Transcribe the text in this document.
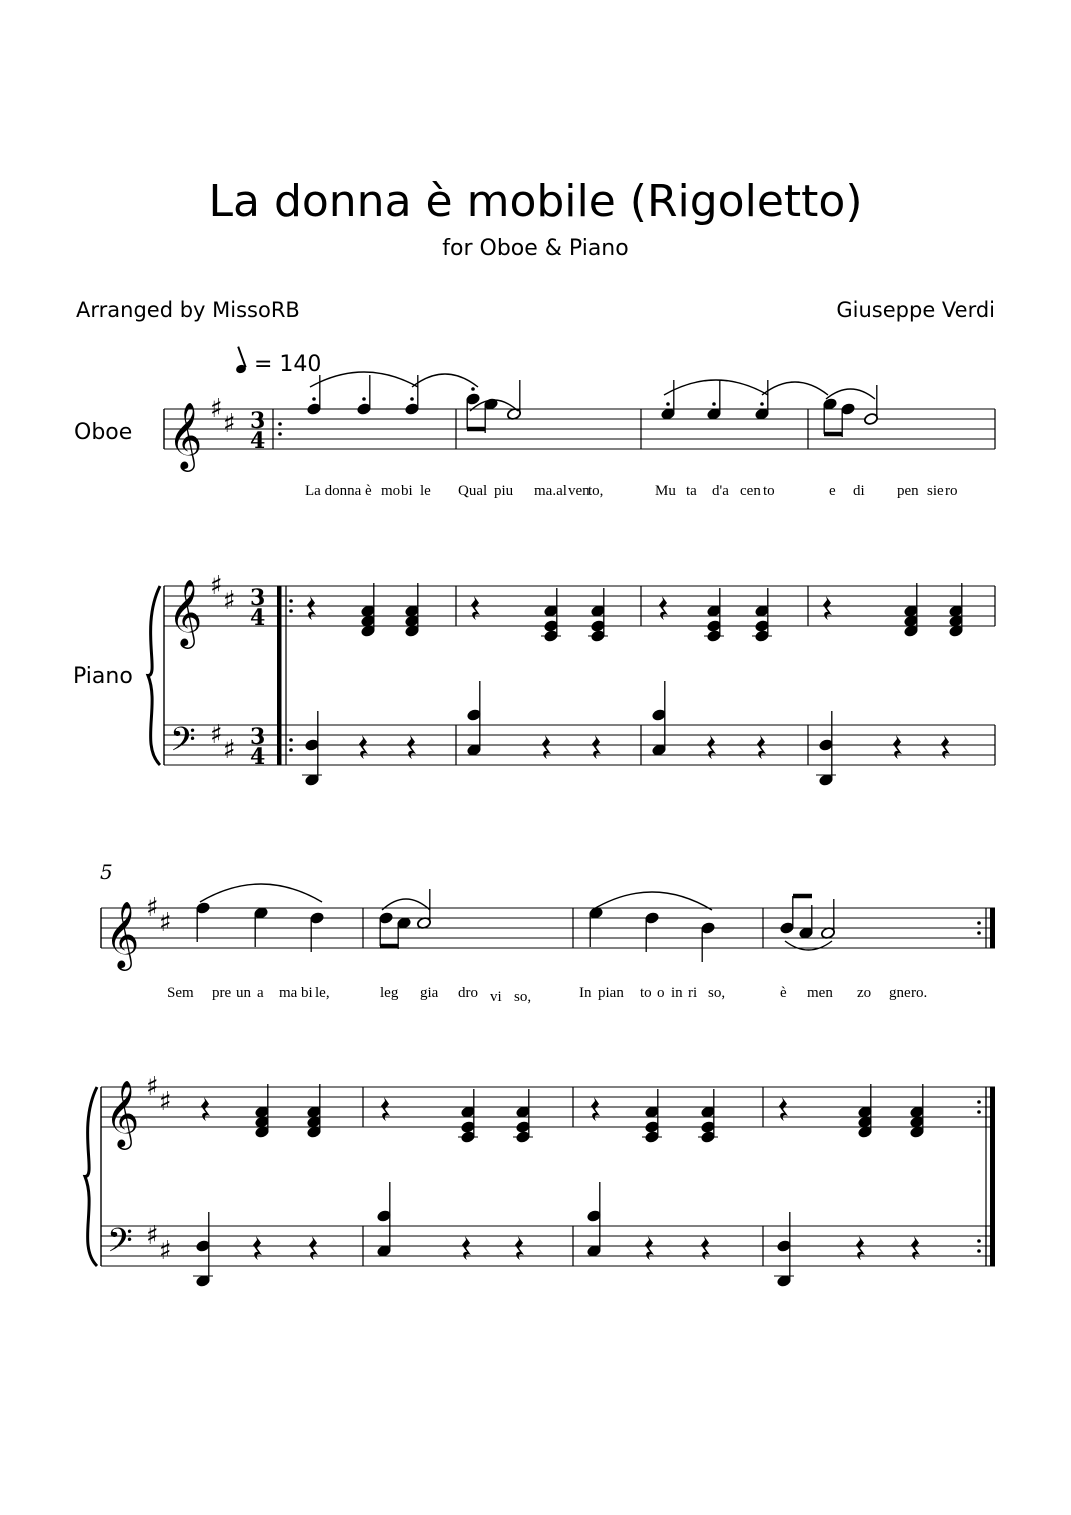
La donna è mobile (Rigoletto)
for Oboe & Piano
Arranged by MissoRB	Giuseppe Verdi
= 140
Oboe
Piano
5
La donna è mo bi le Qual piu ma.al ven
to,	Mu ta d'a cen to	e di pen sie ro
Sem pre un a ma bi le,	leg gia dro vi so,	In pian to o in ri so,	è men zo gne ro.
𝄞 ♯ ♯ 3
4
𝄞 ♯ ♯ 3
4
𝄢 ♯ ♯ 3
4
𝄞 ♯ ♯
𝄞 ♯ ♯
𝄢 ♯ ♯
